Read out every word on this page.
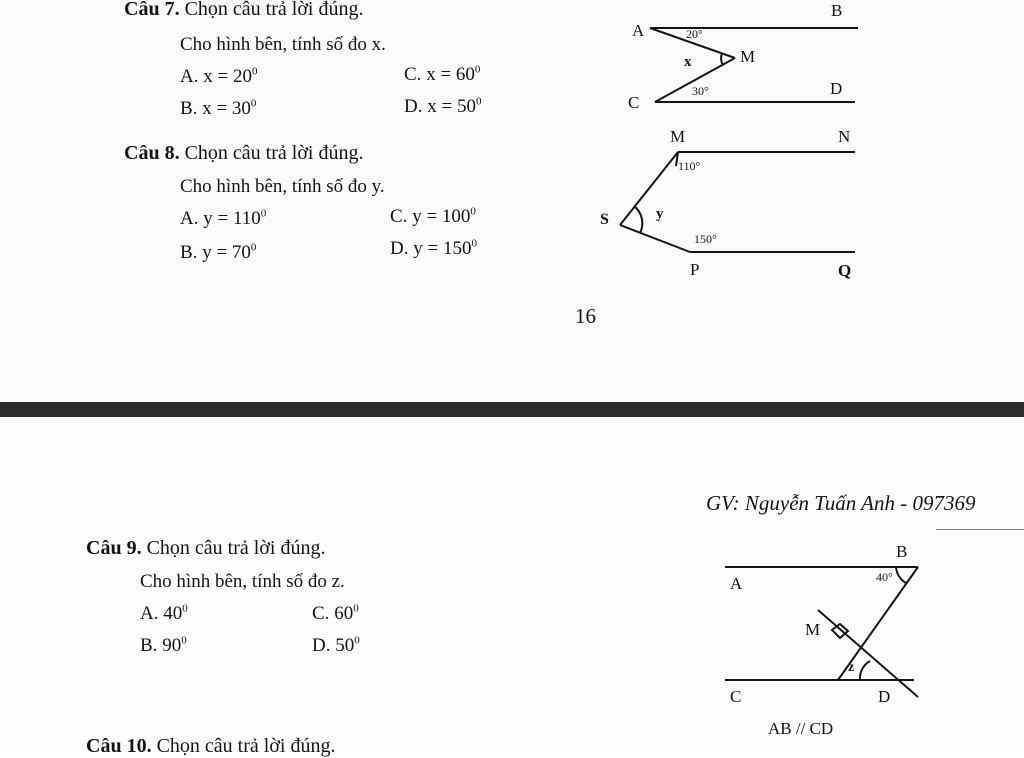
Câu 7. Chọn câu trả lời đúng.
Cho hình bên, tính số đo x.
A. $x = 20^0$	C. $x = 60^0$
B. $x = 30^0$	D. $x = 50^0$
A
B
C
D
M
x
20°
30°
Câu 8. Chọn câu trả lời đúng.
Cho hình bên, tính số đo y.
A. $y = 110^0$	C. $y = 100^0$
B. $y = 70^0$	D. $y = 150^0$
M	N
S
P	Q
y
110°
150°
16
GV: Nguyễn Tuấn Anh - 097369
Câu 9. Chọn câu trả lời đúng.
Cho hình bên, tính số đo z.
A. $40^0$	C. $60^0$
B. $90^0$	D. $50^0$
B
A
M
z
C	D
40°
AB // CD
Câu 10. Chọn câu trả lời đúng.
